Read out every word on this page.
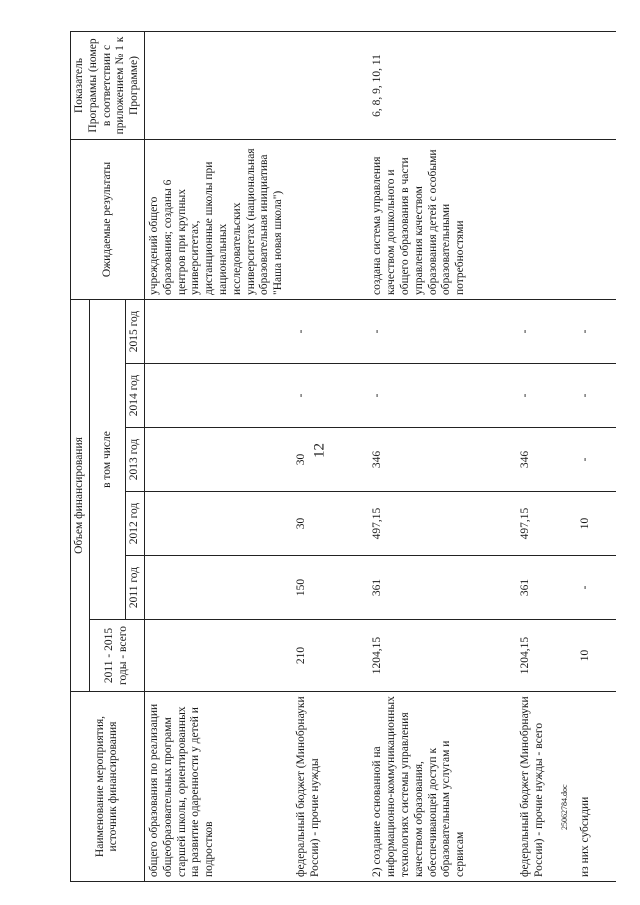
12
25062784.doc
Наименование мероприятия, источник финансирования	Объем финансирования						Ожидаемые результаты	Показатель Программы (номер в соответствии с приложением № 1 к Программе)
	2011 - 2015 годы - всего	в том числе						
		2011 год	2012 год	2013 год	2014 год	2015 год		
общего образования по реализации общеобразовательных программ старшей школы, ориентированных на развитие одаренности у детей и подростков							учреждений общего образования; созданы 6 центров при крупных университетах, дистанционные школы при национальных исследовательских университетах (национальная образовательная инициатива "Наша новая школа")	
федеральный бюджет (Минобрнауки России) - прочие нужды	210	150	30	30	-	-		
2) создание основанной на информационно-коммуникационных технологиях системы управления качеством образования, обеспечивающей доступ к образовательным услугам и сервисам	1204,15	361	497,15	346	-	-	создана система управления качеством дошкольного и общего образования в части управления качеством образования детей с особыми образовательными потребностями	6, 8, 9, 10, 11
федеральный бюджет (Минобрнауки России) - прочие нужды - всего	1204,15	361	497,15	346	-	-		
из них субсидии	10	-	10	-	-	-		
